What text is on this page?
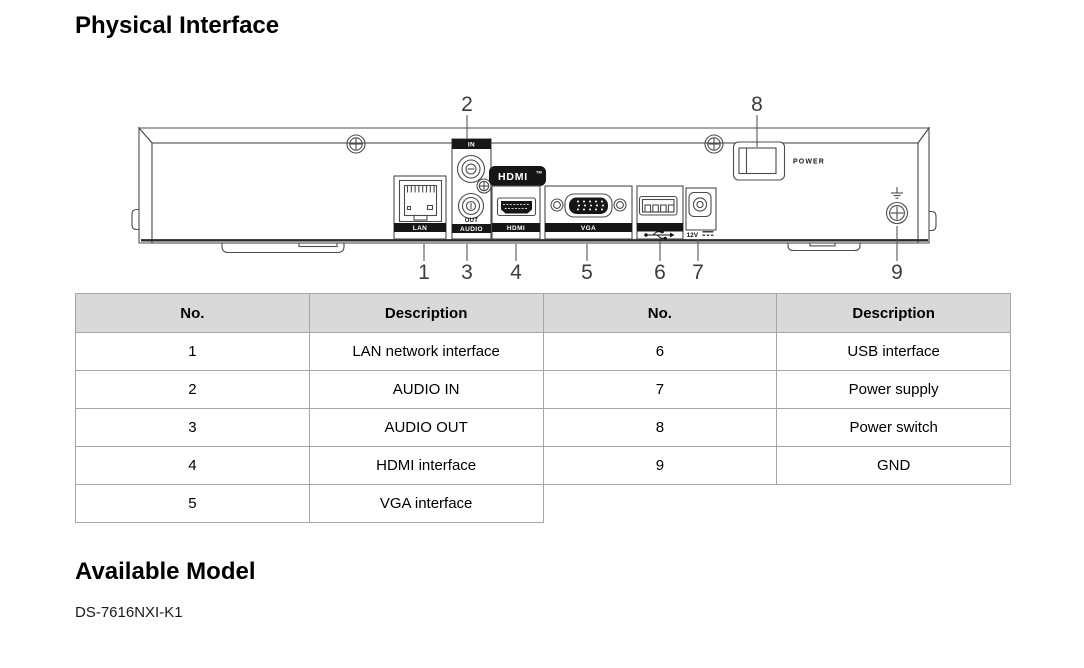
Physical Interface
LAN
IN
OUT
AUDIO
HDMI TM
HDMI	VGA
12V
POWER
2	8
1 3 4	5	6 7	9
No.	Description	No.	Description
1	LAN network interface	6	USB interface
2	AUDIO IN	7	Power supply
3	AUDIO OUT	8	Power switch
4	HDMI interface	9	GND
5	VGA interface		
Available Model
DS-7616NXI-K1
